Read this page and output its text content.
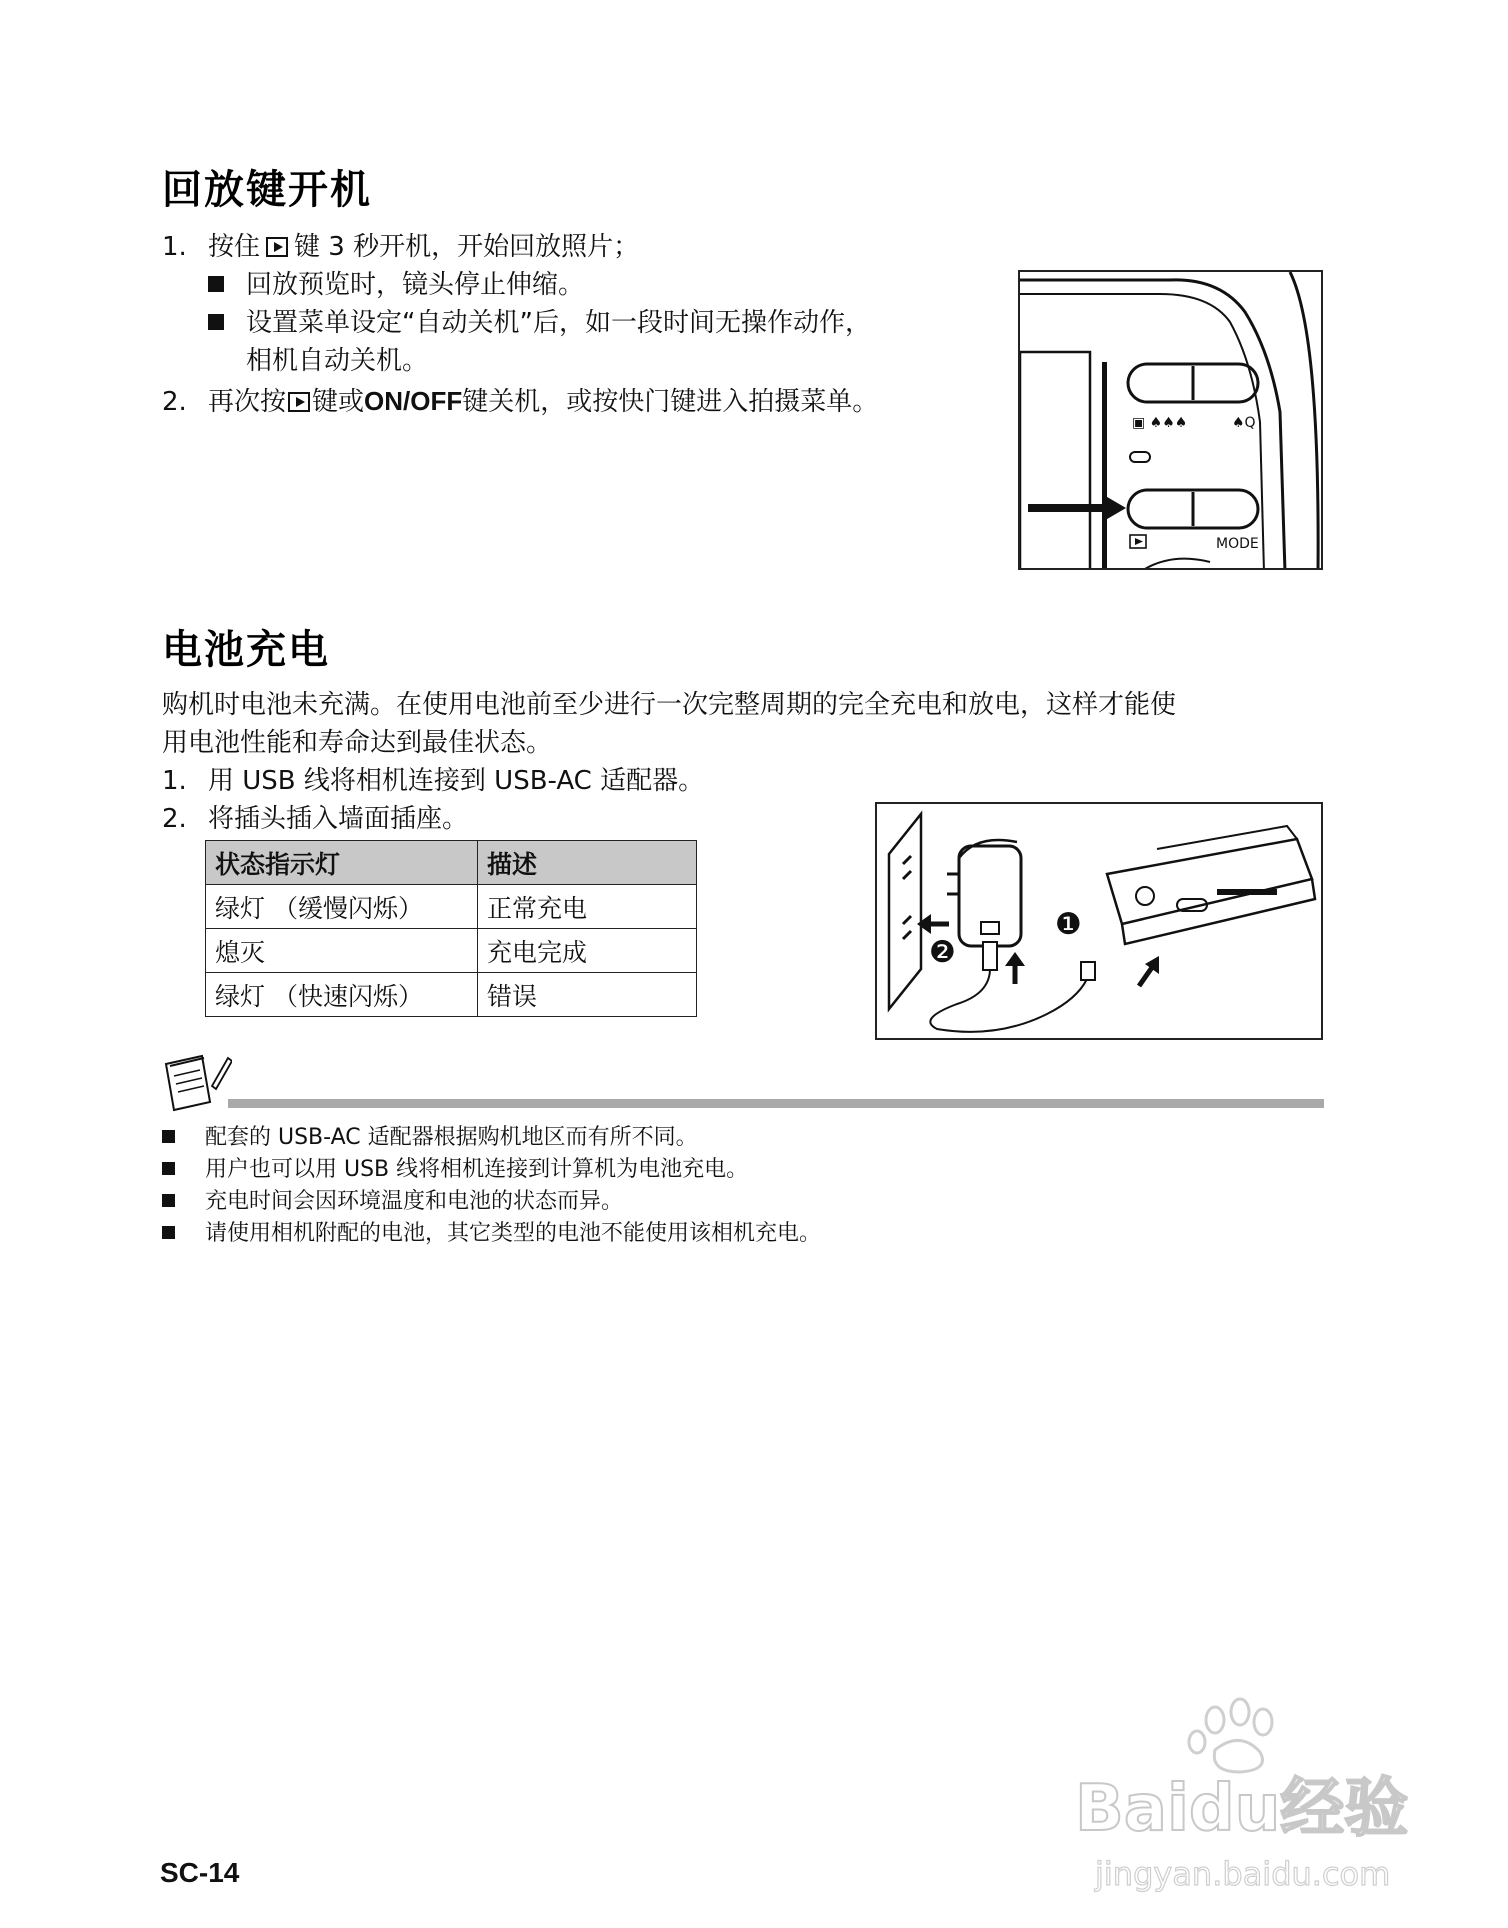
回放键开机
1. 按住 键 3 秒开机，开始回放照片；
回放预览时，镜头停止伸缩。
设置菜单设定“自动关机”后，如一段时间无操作动作，
相机自动关机。
2. 再次按 键或ON/OFF键关机，或按快门键进入拍摄菜单。
▣ ♠♠♠	♠Q
MODE
电池充电
购机时电池未充满。在使用电池前至少进行一次完整周期的完全充电和放电，这样才能使
用电池性能和寿命达到最佳状态。
1. 用 USB 线将相机连接到 USB-AC 适配器。
2. 将插头插入墙面插座。
状态指示灯	描述
绿灯 （缓慢闪烁）	正常充电
熄灭	充电完成
绿灯 （快速闪烁）	错误
❷
❶
配套的 USB-AC 适配器根据购机地区而有所不同。
用户也可以用 USB 线将相机连接到计算机为电池充电。
充电时间会因环境温度和电池的状态而异。
请使用相机附配的电池，其它类型的电池不能使用该相机充电。
Baidu经验
jingyan.baidu.com
SC-14
